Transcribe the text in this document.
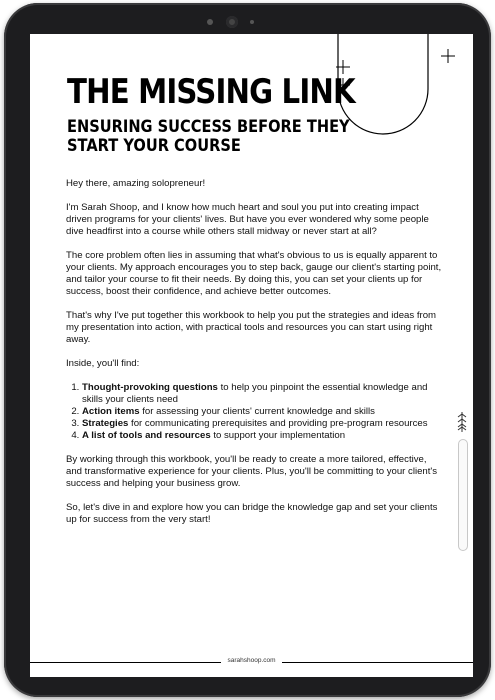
THE MISSING LINK
ENSURING SUCCESS BEFORE THEY
START YOUR COURSE

Hey there, amazing solopreneur!

I'm Sarah Shoop, and I know how much heart and soul you put into creating impact driven programs for your clients' lives. But have you ever wondered why some people dive headfirst into a course while others stall midway or never start at all?

The core problem often lies in assuming that what's obvious to us is equally apparent to your clients. My approach encourages you to step back, gauge our client's starting point, and tailor your course to fit their needs. By doing this, you can set your clients up for success, boost their confidence, and achieve better outcomes.

That's why I've put together this workbook to help you put the strategies and ideas from my presentation into action, with practical tools and resources you can start using right away.

Inside, you'll find:

1. Thought-provoking questions to help you pinpoint the essential knowledge and skills your clients need
2. Action items for assessing your clients' current knowledge and skills
3. Strategies for communicating prerequisites and providing pre-program resources
4. A list of tools and resources to support your implementation

By working through this workbook, you'll be ready to create a more tailored, effective, and transformative experience for your clients. Plus, you'll be committing to your client's success and helping your business grow.

So, let's dive in and explore how you can bridge the knowledge gap and set your clients up for success from the very start!

sarahshoop.com
